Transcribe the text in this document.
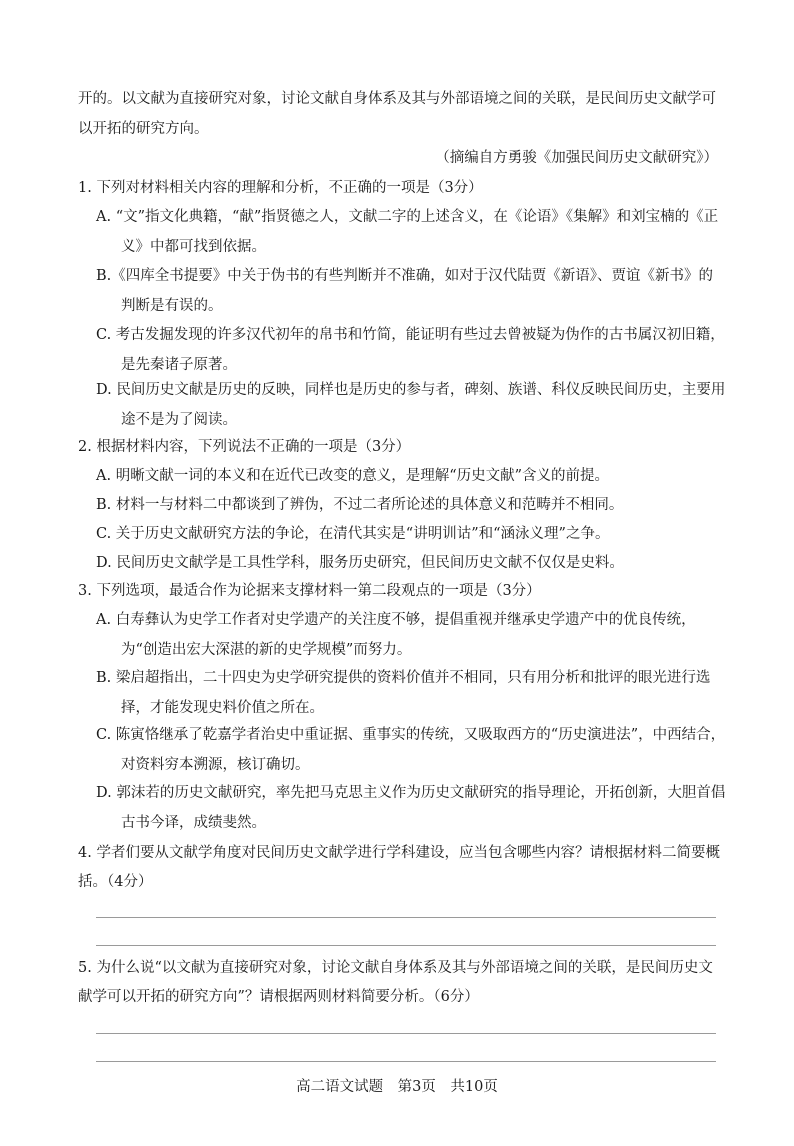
开的。以文献为直接研究对象，讨论文献自身体系及其与外部语境之间的关联，是民间历史文献学可以开拓的研究方向。

（摘编自方勇骏《加强民间历史文献研究》）

1. 下列对材料相关内容的理解和分析，不正确的一项是（3分）

A. “文”指文化典籍，“献”指贤德之人，文献二字的上述含义，在《论语》《集解》和刘宝楠的《正义》中都可找到依据。

B.《四库全书提要》中关于伪书的有些判断并不准确，如对于汉代陆贾《新语》、贾谊《新书》的判断是有误的。

C. 考古发掘发现的许多汉代初年的帛书和竹简，能证明有些过去曾被疑为伪作的古书属汉初旧籍，是先秦诸子原著。

D. 民间历史文献是历史的反映，同样也是历史的参与者，碑刻、族谱、科仪反映民间历史，主要用途不是为了阅读。

2. 根据材料内容，下列说法不正确的一项是（3分）

A. 明晰文献一词的本义和在近代已改变的意义，是理解“历史文献”含义的前提。

B. 材料一与材料二中都谈到了辨伪，不过二者所论述的具体意义和范畴并不相同。

C. 关于历史文献研究方法的争论，在清代其实是“讲明训诂”和“涵泳义理”之争。

D. 民间历史文献学是工具性学科，服务历史研究，但民间历史文献不仅仅是史料。

3. 下列选项，最适合作为论据来支撑材料一第二段观点的一项是（3分）

A. 白寿彝认为史学工作者对史学遗产的关注度不够，提倡重视并继承史学遗产中的优良传统，为“创造出宏大深湛的新的史学规模”而努力。

B. 梁启超指出，二十四史为史学研究提供的资料价值并不相同，只有用分析和批评的眼光进行选择，才能发现史料价值之所在。

C. 陈寅恪继承了乾嘉学者治史中重证据、重事实的传统，又吸取西方的“历史演进法”，中西结合，对资料穷本溯源，核订确切。

D. 郭沫若的历史文献研究，率先把马克思主义作为历史文献研究的指导理论，开拓创新，大胆首倡古书今译，成绩斐然。

4. 学者们要从文献学角度对民间历史文献学进行学科建设，应当包含哪些内容？请根据材料二简要概括。（4分）

5. 为什么说“以文献为直接研究对象，讨论文献自身体系及其与外部语境之间的关联，是民间历史文献学可以开拓的研究方向”？请根据两则材料简要分析。（6分）

高二语文试题　第3页　共10页
